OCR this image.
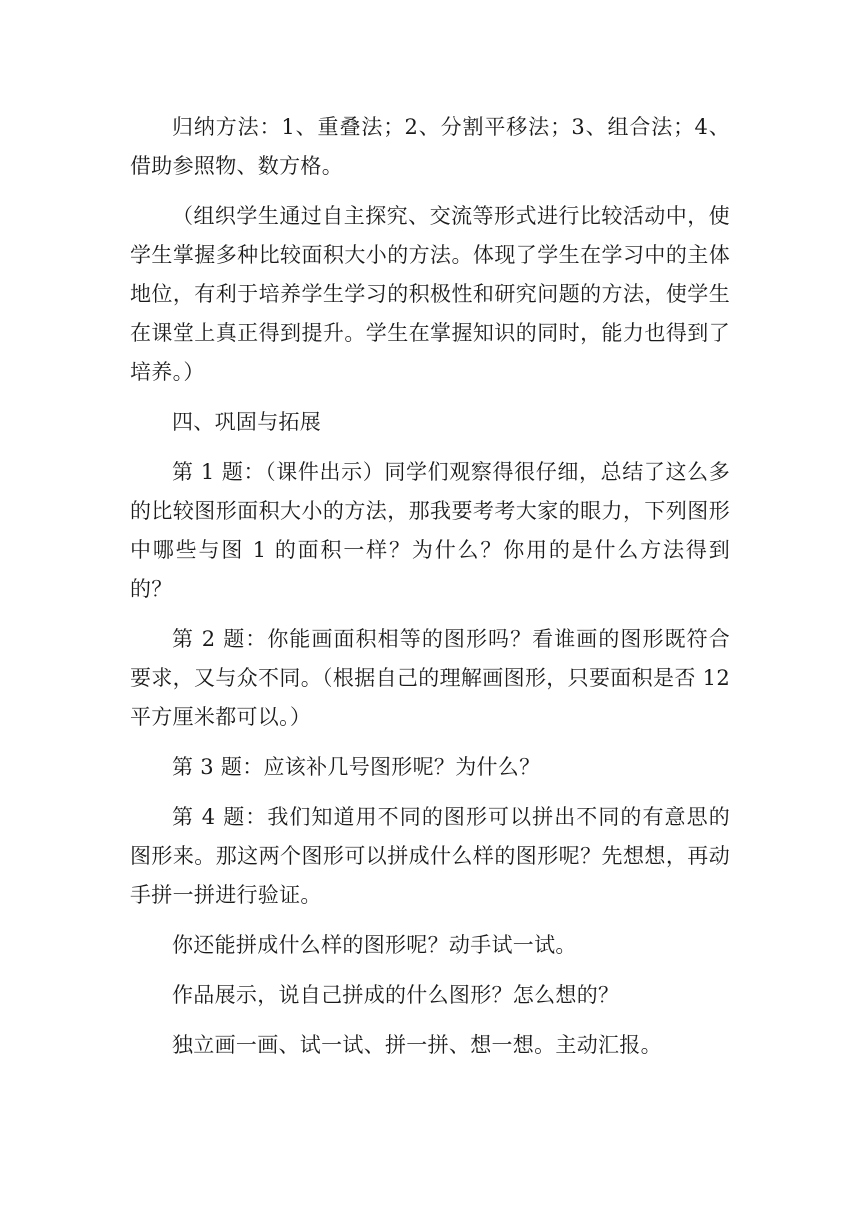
归纳方法：1、重叠法；2、分割平移法；3、组合法；4、借助参照物、数方格。

（组织学生通过自主探究、交流等形式进行比较活动中，使学生掌握多种比较面积大小的方法。体现了学生在学习中的主体地位，有利于培养学生学习的积极性和研究问题的方法，使学生在课堂上真正得到提升。学生在掌握知识的同时，能力也得到了培养。）

四、巩固与拓展

第 1 题：（课件出示）同学们观察得很仔细，总结了这么多的比较图形面积大小的方法，那我要考考大家的眼力，下列图形中哪些与图 1 的面积一样？为什么？你用的是什么方法得到的？

第 2 题：你能画面积相等的图形吗？看谁画的图形既符合要求，又与众不同。（根据自己的理解画图形，只要面积是否 12 平方厘米都可以。）

第 3 题：应该补几号图形呢？为什么？

第 4 题：我们知道用不同的图形可以拼出不同的有意思的图形来。那这两个图形可以拼成什么样的图形呢？先想想，再动手拼一拼进行验证。

你还能拼成什么样的图形呢？动手试一试。

作品展示，说自己拼成的什么图形？怎么想的？

独立画一画、试一试、拼一拼、想一想。主动汇报。
